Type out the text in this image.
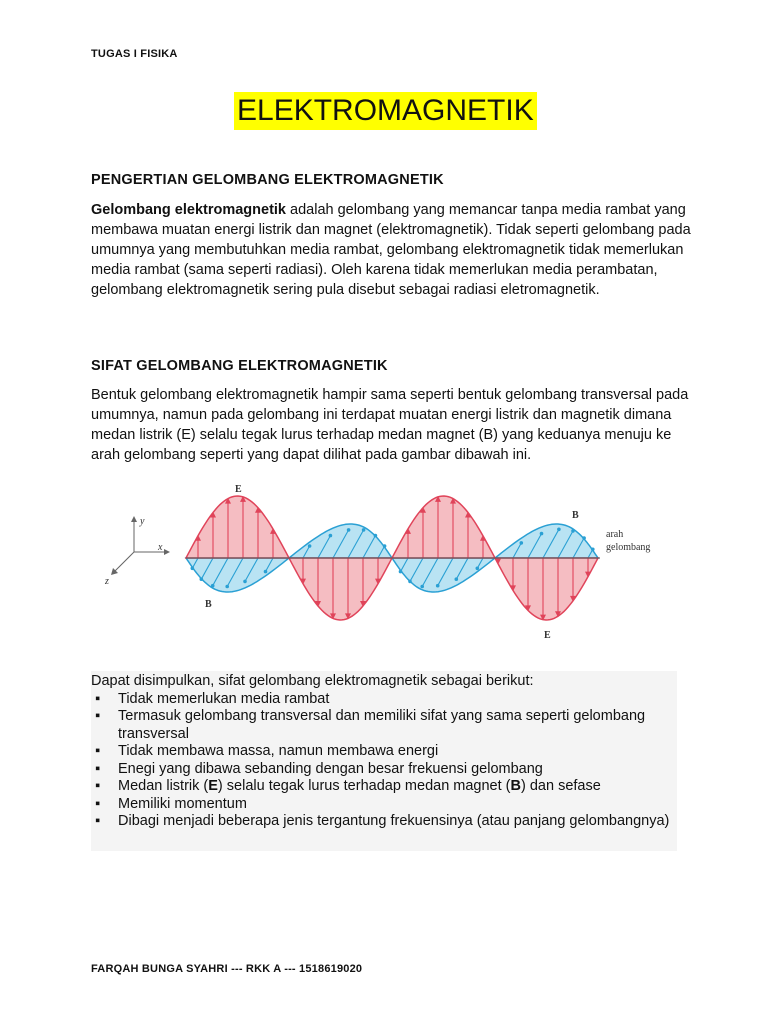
TUGAS I FISIKA
ELEKTROMAGNETIK
PENGERTIAN GELOMBANG ELEKTROMAGNETIK
Gelombang elektromagnetik adalah gelombang yang memancar tanpa media rambat yang membawa muatan energi listrik dan magnet (elektromagnetik). Tidak seperti gelombang pada umumnya yang membutuhkan media rambat, gelombang elektromagnetik tidak memerlukan media rambat (sama seperti radiasi). Oleh karena tidak memerlukan media perambatan, gelombang elektromagnetik sering pula disebut sebagai radiasi eletromagnetik.
SIFAT GELOMBANG ELEKTROMAGNETIK
Bentuk gelombang elektromagnetik hampir sama seperti bentuk gelombang transversal pada umumnya, namun pada gelombang ini terdapat muatan energi listrik dan magnetik dimana medan listrik (E) selalu tegak lurus terhadap medan magnet (B) yang keduanya menuju ke arah gelombang seperti yang dapat dilihat pada gambar dibawah ini.
y
x
z
E
E
B
B
arah
gelombang
Dapat disimpulkan, sifat gelombang elektromagnetik sebagai berikut:
▪ Tidak memerlukan media rambat
▪ Termasuk gelombang transversal dan memiliki sifat yang sama seperti gelombang transversal
▪ Tidak membawa massa, namun membawa energi
▪ Enegi yang dibawa sebanding dengan besar frekuensi gelombang
▪ Medan listrik (E) selalu tegak lurus terhadap medan magnet (B) dan sefase
▪ Memiliki momentum
▪ Dibagi menjadi beberapa jenis tergantung frekuensinya (atau panjang gelombangnya)
FARQAH BUNGA SYAHRI --- RKK A --- 1518619020
